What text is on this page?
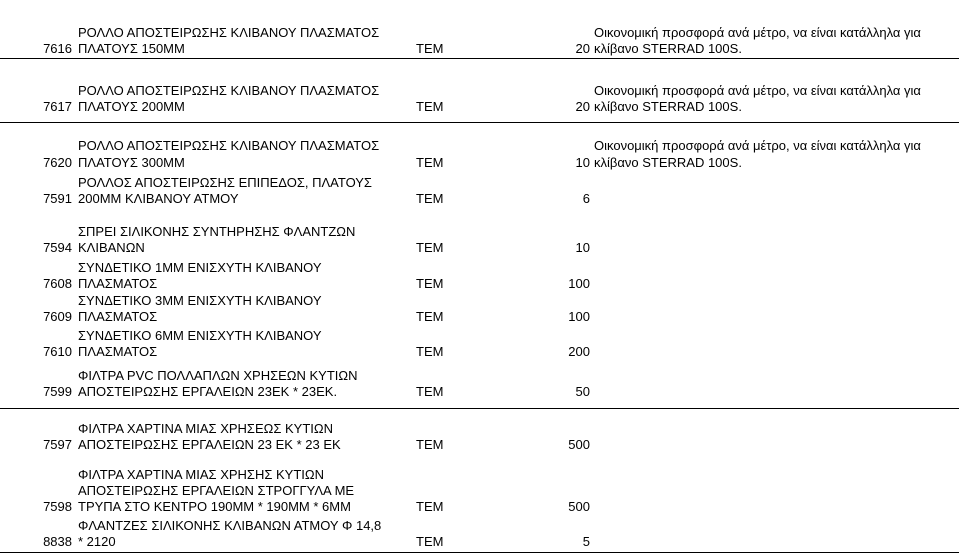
ΡΟΛΛΟ ΑΠΟΣΤΕΙΡΩΣΗΣ ΚΛΙΒΑΝΟΥ ΠΛΑΣΜΑΤΟΣ
ΠΛΑΤΟΥΣ 150ΜΜ
7616	ΤΕΜ	20
Οικονομική προσφορά ανά μέτρο, να είναι κατάλληλα για
κλίβανο STERRAD 100S.
ΡΟΛΛΟ ΑΠΟΣΤΕΙΡΩΣΗΣ ΚΛΙΒΑΝΟΥ ΠΛΑΣΜΑΤΟΣ
ΠΛΑΤΟΥΣ 200ΜΜ
7617	ΤΕΜ	20
Οικονομική προσφορά ανά μέτρο, να είναι κατάλληλα για
κλίβανο STERRAD 100S.
ΡΟΛΛΟ ΑΠΟΣΤΕΙΡΩΣΗΣ ΚΛΙΒΑΝΟΥ ΠΛΑΣΜΑΤΟΣ
ΠΛΑΤΟΥΣ 300ΜΜ
7620	ΤΕΜ	10
Οικονομική προσφορά ανά μέτρο, να είναι κατάλληλα για
κλίβανο STERRAD 100S.
ΡΟΛΛΟΣ ΑΠΟΣΤΕΙΡΩΣΗΣ ΕΠΙΠΕΔΟΣ, ΠΛΑΤΟΥΣ
200ΜΜ ΚΛΙΒΑΝΟΥ ΑΤΜΟΥ
7591	ΤΕΜ	6
ΣΠΡΕΙ ΣΙΛΙΚΟΝΗΣ ΣΥΝΤΗΡΗΣΗΣ ΦΛΑΝΤΖΩΝ
ΚΛΙΒΑΝΩΝ
7594	ΤΕΜ	10
ΣΥΝΔΕΤΙΚΟ 1ΜΜ ΕΝΙΣΧΥΤΗ ΚΛΙΒΑΝΟΥ
ΠΛΑΣΜΑΤΟΣ
7608	ΤΕΜ	100
ΣΥΝΔΕΤΙΚΟ 3ΜΜ ΕΝΙΣΧΥΤΗ ΚΛΙΒΑΝΟΥ
ΠΛΑΣΜΑΤΟΣ
7609	ΤΕΜ	100
ΣΥΝΔΕΤΙΚΟ 6ΜΜ ΕΝΙΣΧΥΤΗ ΚΛΙΒΑΝΟΥ
ΠΛΑΣΜΑΤΟΣ
7610	ΤΕΜ	200
ΦΙΛΤΡΑ PVC ΠΟΛΛΑΠΛΩΝ ΧΡΗΣΕΩΝ ΚΥΤΙΩΝ
ΑΠΟΣΤΕΙΡΩΣΗΣ ΕΡΓΑΛΕΙΩΝ 23ΕΚ * 23ΕΚ.
7599	ΤΕΜ	50
ΦΙΛΤΡΑ ΧΑΡΤΙΝΑ ΜΙΑΣ ΧΡΗΣΕΩΣ ΚΥΤΙΩΝ
ΑΠΟΣΤΕΙΡΩΣΗΣ ΕΡΓΑΛΕΙΩΝ 23 ΕΚ * 23 ΕΚ
7597	ΤΕΜ	500
ΦΙΛΤΡΑ ΧΑΡΤΙΝΑ ΜΙΑΣ ΧΡΗΣΗΣ ΚΥΤΙΩΝ
ΑΠΟΣΤΕΙΡΩΣΗΣ ΕΡΓΑΛΕΙΩΝ ΣΤΡΟΓΓΥΛΑ ΜΕ
ΤΡΥΠΑ ΣΤΟ ΚΕΝΤΡΟ 190ΜΜ * 190ΜΜ * 6ΜΜ
7598	ΤΕΜ	500
ΦΛΑΝΤΖΕΣ ΣΙΛΙΚΟΝΗΣ ΚΛΙΒΑΝΩΝ ΑΤΜΟΥ Φ 14,8
* 2120
8838	ΤΕΜ	5
